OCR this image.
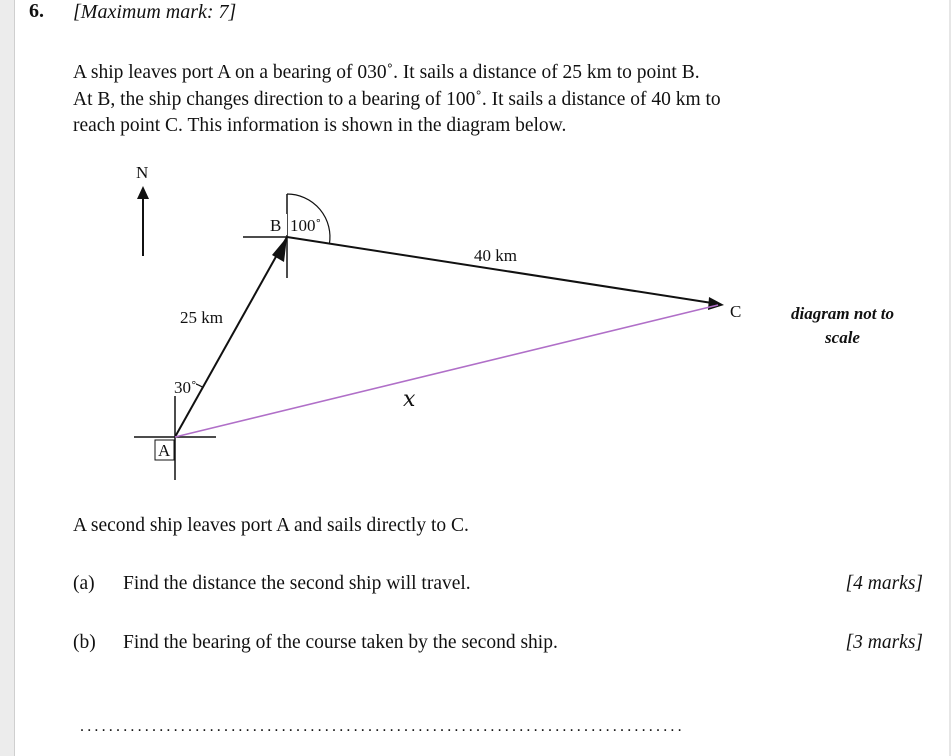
6. [Maximum mark: 7]

A ship leaves port A on a bearing of 030˚. It sails a distance of 25 km to point B.
At B, the ship changes direction to a bearing of 100˚. It sails a distance of 40 km to
reach point C. This information is shown in the diagram below.

N
30˚
A
25 km
B 100˚
40 km
C
x
diagram not to
scale
A second ship leaves port A and sails directly to C.
(a) Find the distance the second ship will travel.	[4 marks]
(b) Find the bearing of the course taken by the second ship.	[3 marks]
....................................................................................
